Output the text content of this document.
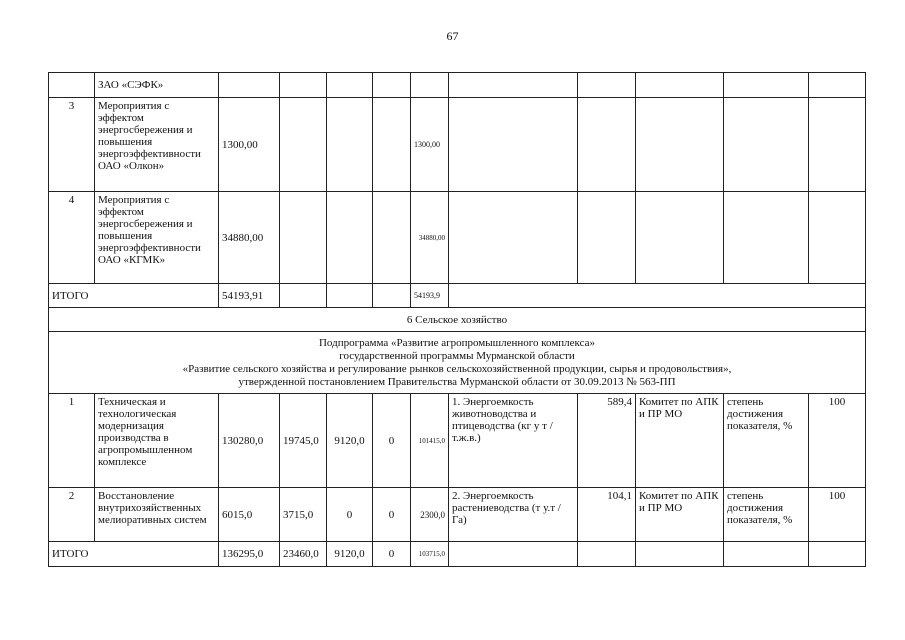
67
	ЗАО «СЭФК»										
3	Мероприятия с эффектом энергосбережения и повышения энергоэффективности ОАО «Олкон»	1300,00				1300,00					
4	Мероприятия с эффектом энергосбережения и повышения энергоэффективности ОАО «КГМК»	34880,00				34880,00					
ИТОГО		54193,91				54193,9					
6 Сельское хозяйство											

Подпрограмма «Развитие агропромышленного комплекса»
государственной программы Мурманской области
«Развитие сельского хозяйства и регулирование рынков сельскохозяйственной продукции, сырья и продовольствия»,
утвержденной постановлением Правительства Мурманской области от 30.09.2013 № 563-ПП											

1	Техническая и технологическая модернизация производства в агропромышленном комплексе	130280,0	19745,0	9120,0	0	101415,0	1. Энергоемкость животноводства и птицеводства (кг у т /т.ж.в.)	589,4	Комитет по АПК и ПР МО	степень достижения показателя, %	100
2	Восстановление внутрихозяйственных мелиоративных систем	6015,0	3715,0	0	0	2300,0	2. Энергоемкость растениеводства (т у.т /Га)	104,1	Комитет по АПК и ПР МО	степень достижения показателя, %	100
ИТОГО		136295,0	23460,0	9120,0	0	103715,0					
